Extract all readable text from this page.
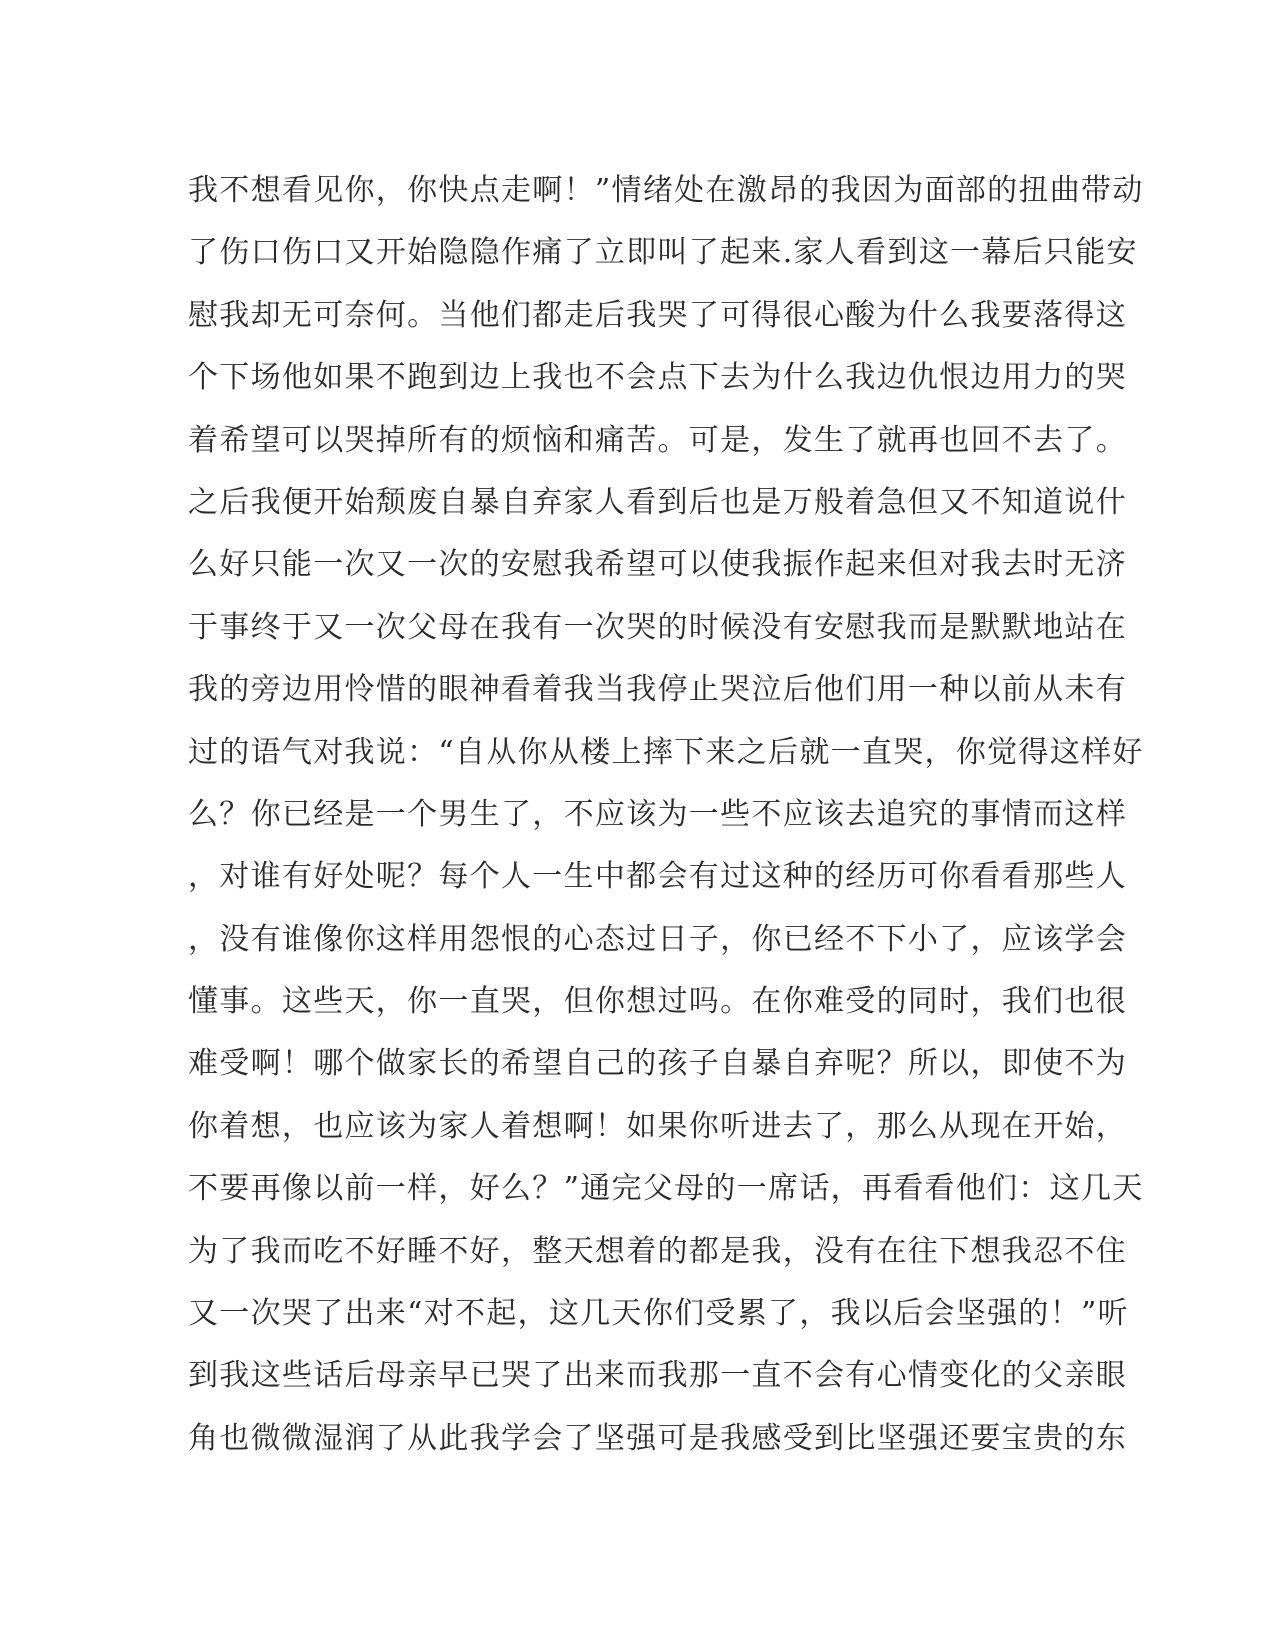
我不想看见你，你快点走啊！”情绪处在激昂的我因为面部的扭曲带动
了伤口伤口又开始隐隐作痛了立即叫了起来.家人看到这一幕后只能安
慰我却无可奈何。当他们都走后我哭了可得很心酸为什么我要落得这
个下场他如果不跑到边上我也不会点下去为什么我边仇恨边用力的哭
着希望可以哭掉所有的烦恼和痛苦。可是，发生了就再也回不去了。
之后我便开始颓废自暴自弃家人看到后也是万般着急但又不知道说什
么好只能一次又一次的安慰我希望可以使我振作起来但对我去时无济
于事终于又一次父母在我有一次哭的时候没有安慰我而是默默地站在
我的旁边用怜惜的眼神看着我当我停止哭泣后他们用一种以前从未有
过的语气对我说：“自从你从楼上摔下来之后就一直哭，你觉得这样好
么？你已经是一个男生了，不应该为一些不应该去追究的事情而这样
，对谁有好处呢？每个人一生中都会有过这种的经历可你看看那些人
，没有谁像你这样用怨恨的心态过日子，你已经不下小了，应该学会
懂事。这些天，你一直哭，但你想过吗。在你难受的同时，我们也很
难受啊！哪个做家长的希望自己的孩子自暴自弃呢？所以，即使不为
你着想，也应该为家人着想啊！如果你听进去了，那么从现在开始，
不要再像以前一样，好么？”通完父母的一席话，再看看他们：这几天
为了我而吃不好睡不好，整天想着的都是我，没有在往下想我忍不住
又一次哭了出来“对不起，这几天你们受累了，我以后会坚强的！”听
到我这些话后母亲早已哭了出来而我那一直不会有心情变化的父亲眼
角也微微湿润了从此我学会了坚强可是我感受到比坚强还要宝贵的东
